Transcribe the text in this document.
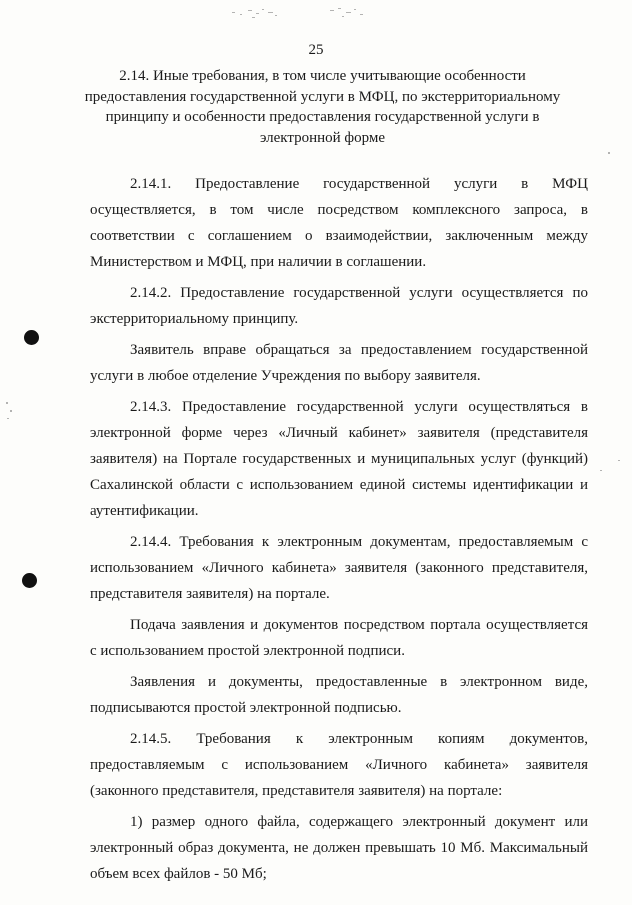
25
2.14. Иные требования, в том числе учитывающие особенности предоставления государственной услуги в МФЦ, по экстерриториальному принципу и особенности предоставления государственной услуги в электронной форме

2.14.1. Предоставление государственной услуги в МФЦ осуществляется, в том числе посредством комплексного запроса, в соответствии с соглашением о взаимодействии, заключенным между Министерством и МФЦ, при наличии в соглашении.

2.14.2. Предоставление государственной услуги осуществляется по экстерриториальному принципу.

Заявитель вправе обращаться за предоставлением государственной услуги в любое отделение Учреждения по выбору заявителя.

2.14.3. Предоставление государственной услуги осуществляться в электронной форме через «Личный кабинет» заявителя (представителя заявителя) на Портале государственных и муниципальных услуг (функций) Сахалинской области с использованием единой системы идентификации и аутентификации.

2.14.4. Требования к электронным документам, предоставляемым с использованием «Личного кабинета» заявителя (законного представителя, представителя заявителя) на портале.

Подача заявления и документов посредством портала осуществляется с использованием простой электронной подписи.

Заявления и документы, предоставленные в электронном виде, подписываются простой электронной подписью.

2.14.5. Требования к электронным копиям документов, предоставляемым с использованием «Личного кабинета» заявителя (законного представителя, представителя заявителя) на портале:

1) размер одного файла, содержащего электронный документ или электронный образ документа, не должен превышать 10 Мб. Максимальный объем всех файлов - 50 Мб;
